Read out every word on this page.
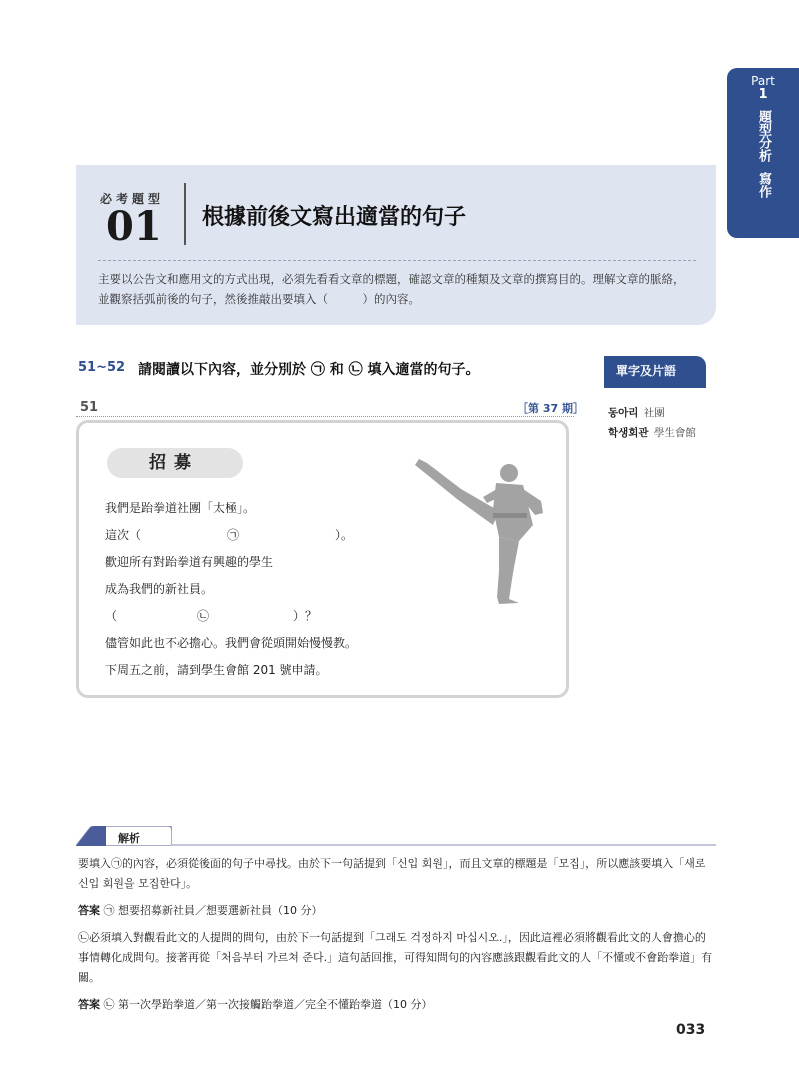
Part
1
題型分析
寫作
必考題型
01 根據前後文寫出適當的句子
主要以公告文和應用文的方式出現，必須先看看文章的標題，確認文章的種類及文章的撰寫目的。理解文章的脈絡，
並觀察括弧前後的句子，然後推敲出要填入（　　　）的內容。
51~52 請閱讀以下內容，並分別於 ㉠ 和 ㉡ 填入適當的句子。	單字及片語
동아리 社團
학생회관 學生會館
51	［第 37 期］
招募
我們是跆拳道社團「太極」。
這次（	㉠	）。
歡迎所有對跆拳道有興趣的學生
成為我們的新社員。
（	㉡	）？
儘管如此也不必擔心。我們會從頭開始慢慢教。
下周五之前，請到學生會館 201 號申請。
解析

要填入㉠的內容，必須從後面的句子中尋找。由於下一句話提到「신입 회원」，而且文章的標題是「모집」，所以應該要填入「새로 신입 회원을 모집한다」。

答案 ㉠ 想要招募新社員／想要選新社員（10 分）

㉡必須填入對觀看此文的人提問的問句，由於下一句話提到「그래도 걱정하지 마십시오.」，因此這裡必須將觀看此文的人會擔心的事情轉化成問句。接著再從「처음부터 가르쳐 준다.」這句話回推，可得知問句的內容應該跟觀看此文的人「不懂或不會跆拳道」有關。

答案 ㉡ 第一次學跆拳道／第一次接觸跆拳道／完全不懂跆拳道（10 分）

033
